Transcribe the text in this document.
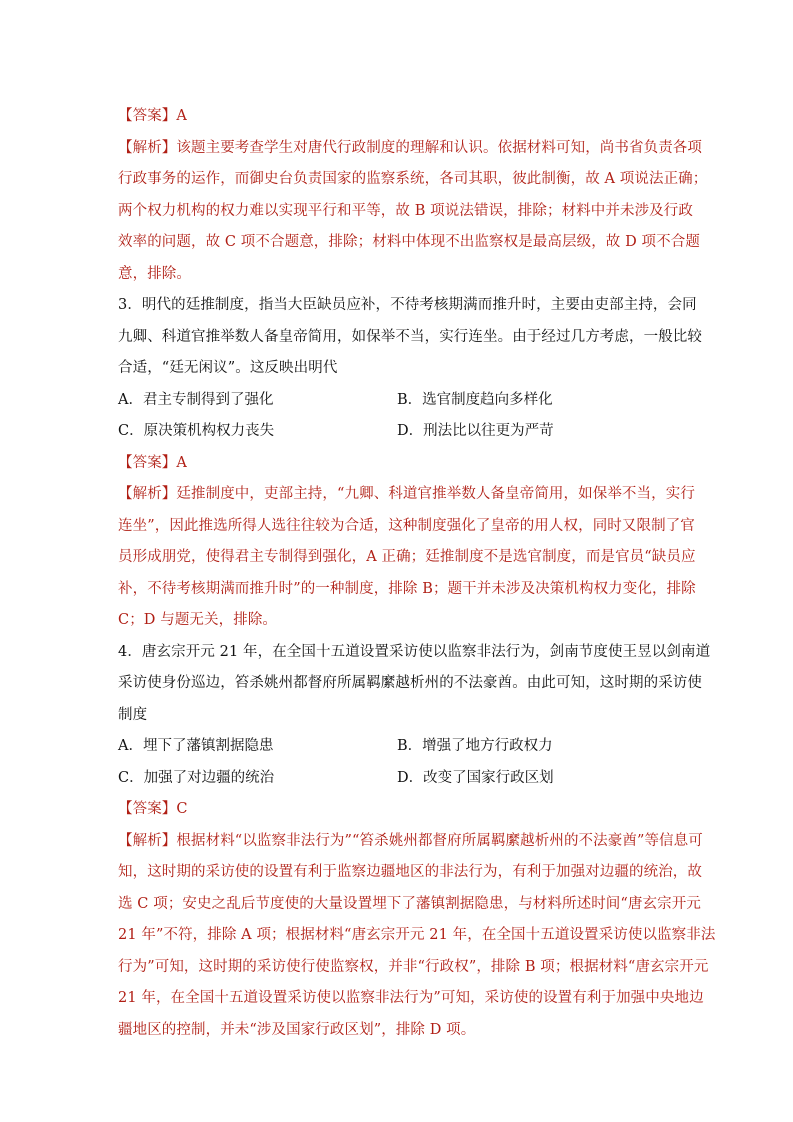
【答案】A
【解析】该题主要考查学生对唐代行政制度的理解和认识。依据材料可知，尚书省负责各项
行政事务的运作，而御史台负责国家的监察系统，各司其职，彼此制衡，故 A 项说法正确；
两个权力机构的权力难以实现平行和平等，故 B 项说法错误，排除；材料中并未涉及行政
效率的问题，故 C 项不合题意，排除；材料中体现不出监察权是最高层级，故 D 项不合题
意，排除。
3．明代的廷推制度，指当大臣缺员应补，不待考核期满而推升时，主要由吏部主持，会同
九卿、科道官推举数人备皇帝简用，如保举不当，实行连坐。由于经过几方考虑，一般比较
合适，“廷无闲议”。这反映出明代
A．君主专制得到了强化	B．选官制度趋向多样化
C．原决策机构权力丧失	D．刑法比以往更为严苛
【答案】A
【解析】廷推制度中，吏部主持，“九卿、科道官推举数人备皇帝简用，如保举不当，实行
连坐”，因此推选所得人选往往较为合适，这种制度强化了皇帝的用人权，同时又限制了官
员形成朋党，使得君主专制得到强化，A 正确；廷推制度不是选官制度，而是官员“缺员应
补，不待考核期满而推升时”的一种制度，排除 B；题干并未涉及决策机构权力变化，排除
C；D 与题无关，排除。
4．唐玄宗开元 21 年，在全国十五道设置采访使以监察非法行为，剑南节度使王昱以剑南道
采访使身份巡边，笞杀姚州都督府所属羁縻越析州的不法豪酋。由此可知，这时期的采访使
制度
A．埋下了藩镇割据隐患	B．增强了地方行政权力
C．加强了对边疆的统治	D．改变了国家行政区划
【答案】C
【解析】根据材料“以监察非法行为”“笞杀姚州都督府所属羁縻越析州的不法豪酋”等信息可
知，这时期的采访使的设置有利于监察边疆地区的非法行为，有利于加强对边疆的统治，故
选 C 项；安史之乱后节度使的大量设置埋下了藩镇割据隐患，与材料所述时间“唐玄宗开元
21 年”不符，排除 A 项；根据材料“唐玄宗开元 21 年，在全国十五道设置采访使以监察非法
行为”可知，这时期的采访使行使监察权，并非“行政权”，排除 B 项；根据材料“唐玄宗开元
21 年，在全国十五道设置采访使以监察非法行为”可知，采访使的设置有利于加强中央地边
疆地区的控制，并未“涉及国家行政区划”，排除 D 项。
